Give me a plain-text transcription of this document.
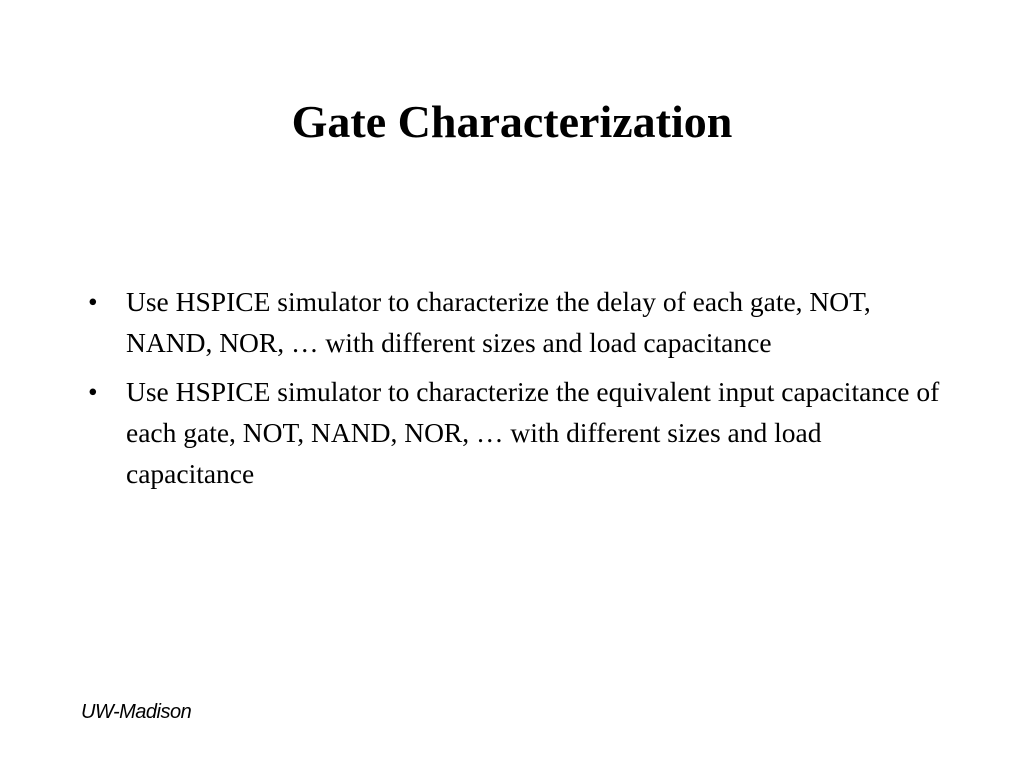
Gate Characterization
• Use HSPICE simulator to characterize the delay of each gate, NOT, NAND, NOR, … with different sizes and load capacitance
• Use HSPICE simulator to characterize the equivalent input capacitance of each gate, NOT, NAND, NOR, … with different sizes and load capacitance
UW-Madison
